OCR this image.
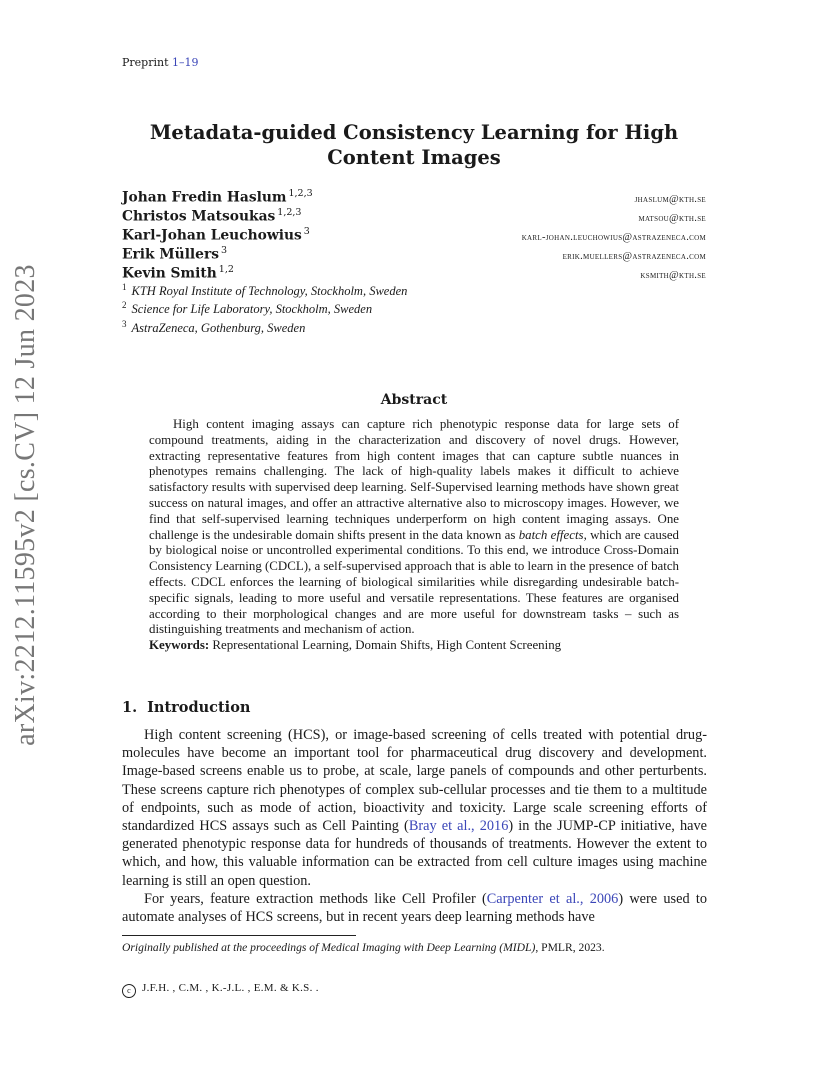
Preprint 1–19
arXiv:2212.11595v2 [cs.CV] 12 Jun 2023
Metadata-guided Consistency Learning for High Content Images
Johan Fredin Haslum $^{1,2,3}$
jhaslum@kth.se
Christos Matsoukas $^{1,2,3}$
matsou@kth.se
Karl-Johan Leuchowius $^3$
karl-johan.leuchowius@astrazeneca.com
Erik Müllers $^3$
erik.muellers@astrazeneca.com
Kevin Smith $^{1,2}$
ksmith@kth.se
$^1$ KTH Royal Institute of Technology, Stockholm, Sweden
$^2$ Science for Life Laboratory, Stockholm, Sweden
$^3$ AstraZeneca, Gothenburg, Sweden
Abstract

High content imaging assays can capture rich phenotypic response data for large sets of compound treatments, aiding in the characterization and discovery of novel drugs. However, extracting representative features from high content images that can capture subtle nuances in phenotypes remains challenging. The lack of high-quality labels makes it difficult to achieve satisfactory results with supervised deep learning. Self-Supervised learning methods have shown great success on natural images, and offer an attractive alternative also to microscopy images. However, we find that self-supervised learning techniques underperform on high content imaging assays. One challenge is the undesirable domain shifts present in the data known as batch effects, which are caused by biological noise or uncontrolled experimental conditions. To this end, we introduce Cross-Domain Consistency Learning (CDCL), a self-supervised approach that is able to learn in the presence of batch effects. CDCL enforces the learning of biological similarities while disregarding undesirable batch-specific signals, leading to more useful and versatile representations. These features are organised according to their morphological changes and are more useful for downstream tasks – such as distinguishing treatments and mechanism of action.

Keywords: Representational Learning, Domain Shifts, High Content Screening
1. Introduction

High content screening (HCS), or image-based screening of cells treated with potential drug-molecules have become an important tool for pharmaceutical drug discovery and development. Image-based screens enable us to probe, at scale, large panels of compounds and other perturbents. These screens capture rich phenotypes of complex sub-cellular processes and tie them to a multitude of endpoints, such as mode of action, bioactivity and toxicity. Large scale screening efforts of standardized HCS assays such as Cell Painting (Bray et al., 2016) in the JUMP-CP initiative, have generated phenotypic response data for hundreds of thousands of treatments. However the extent to which, and how, this valuable information can be extracted from cell culture images using machine learning is still an open question.

For years, feature extraction methods like Cell Profiler (Carpenter et al., 2006) were used to automate analyses of HCS screens, but in recent years deep learning methods have

Originally published at the proceedings of Medical Imaging with Deep Learning (MIDL), PMLR, 2023.
c J.F.H. , C.M. , K.-J.L. , E.M. & K.S. .
